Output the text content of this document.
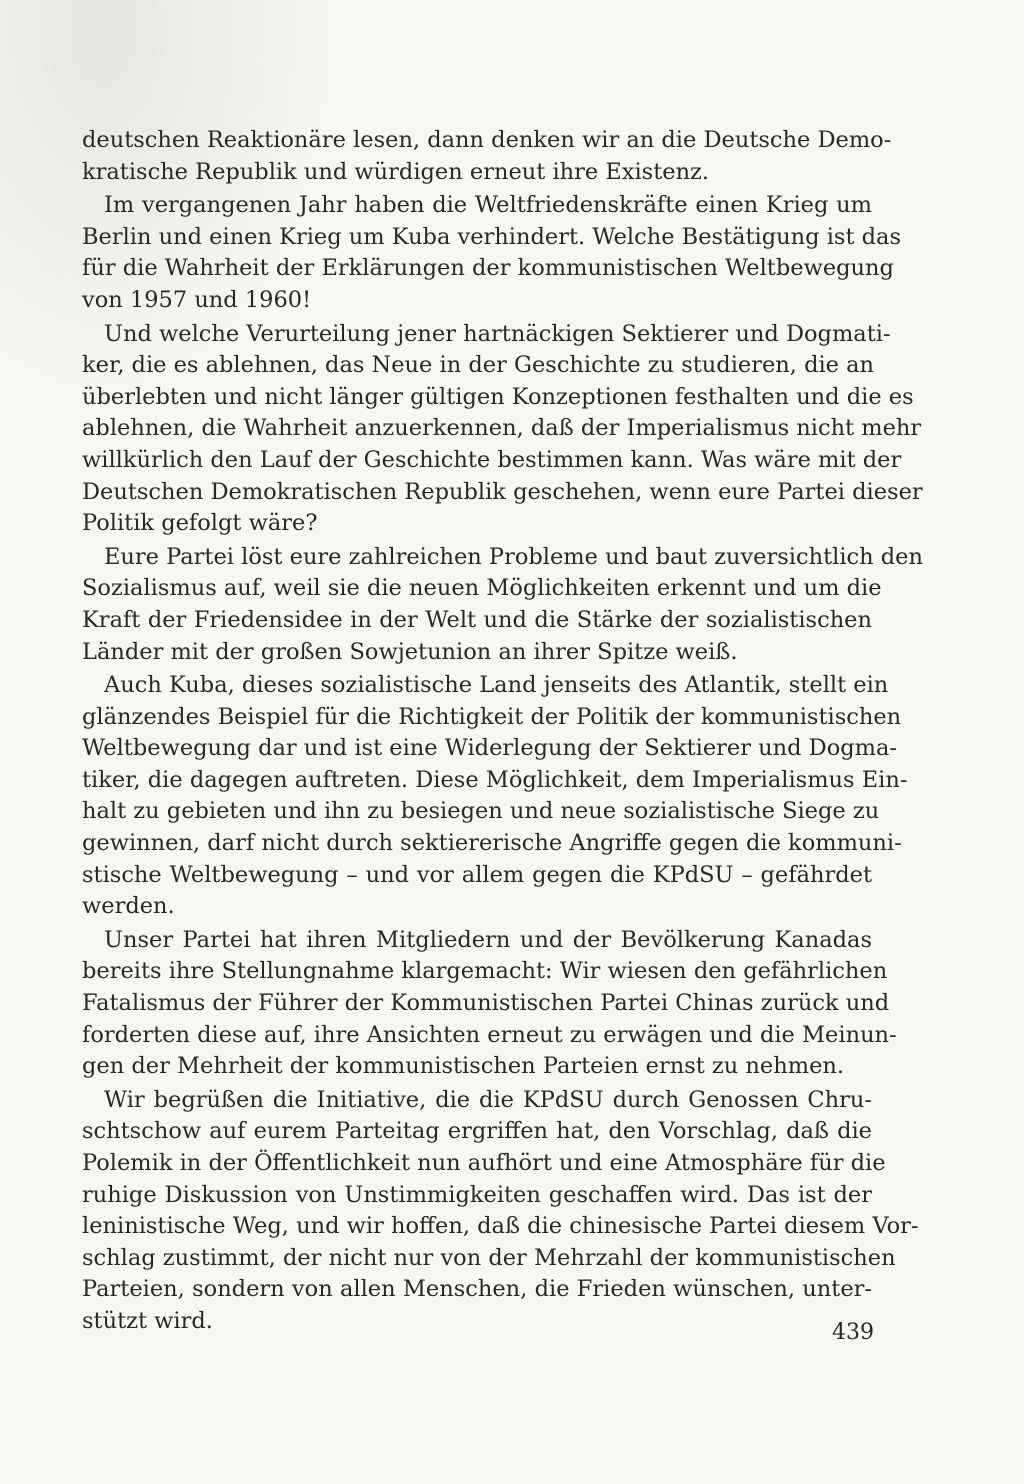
deutschen Reaktionäre lesen, dann denken wir an die Deutsche Demo-
kratische Republik und würdigen erneut ihre Existenz.
Im vergangenen Jahr haben die Weltfriedenskräfte einen Krieg um
Berlin und einen Krieg um Kuba verhindert. Welche Bestätigung ist das
für die Wahrheit der Erklärungen der kommunistischen Weltbewegung
von 1957 und 1960!
Und welche Verurteilung jener hartnäckigen Sektierer und Dogmati-
ker, die es ablehnen, das Neue in der Geschichte zu studieren, die an
überlebten und nicht länger gültigen Konzeptionen festhalten und die es
ablehnen, die Wahrheit anzuerkennen, daß der Imperialismus nicht mehr
willkürlich den Lauf der Geschichte bestimmen kann. Was wäre mit der
Deutschen Demokratischen Republik geschehen, wenn eure Partei dieser
Politik gefolgt wäre?
Eure Partei löst eure zahlreichen Probleme und baut zuversichtlich den
Sozialismus auf, weil sie die neuen Möglichkeiten erkennt und um die
Kraft der Friedensidee in der Welt und die Stärke der sozialistischen
Länder mit der großen Sowjetunion an ihrer Spitze weiß.
Auch Kuba, dieses sozialistische Land jenseits des Atlantik, stellt ein
glänzendes Beispiel für die Richtigkeit der Politik der kommunistischen
Weltbewegung dar und ist eine Widerlegung der Sektierer und Dogma-
tiker, die dagegen auftreten. Diese Möglichkeit, dem Imperialismus Ein-
halt zu gebieten und ihn zu besiegen und neue sozialistische Siege zu
gewinnen, darf nicht durch sektiererische Angriffe gegen die kommuni-
stische Weltbewegung – und vor allem gegen die KPdSU – gefährdet
werden.
Unser Partei hat ihren Mitgliedern und der Bevölkerung Kanadas
bereits ihre Stellungnahme klargemacht: Wir wiesen den gefährlichen
Fatalismus der Führer der Kommunistischen Partei Chinas zurück und
forderten diese auf, ihre Ansichten erneut zu erwägen und die Meinun-
gen der Mehrheit der kommunistischen Parteien ernst zu nehmen.
Wir begrüßen die Initiative, die die KPdSU durch Genossen Chru-
schtschow auf eurem Parteitag ergriffen hat, den Vorschlag, daß die
Polemik in der Öffentlichkeit nun aufhört und eine Atmosphäre für die
ruhige Diskussion von Unstimmigkeiten geschaffen wird. Das ist der
leninistische Weg, und wir hoffen, daß die chinesische Partei diesem Vor-
schlag zustimmt, der nicht nur von der Mehrzahl der kommunistischen
Parteien, sondern von allen Menschen, die Frieden wünschen, unter-
stützt wird.	439
